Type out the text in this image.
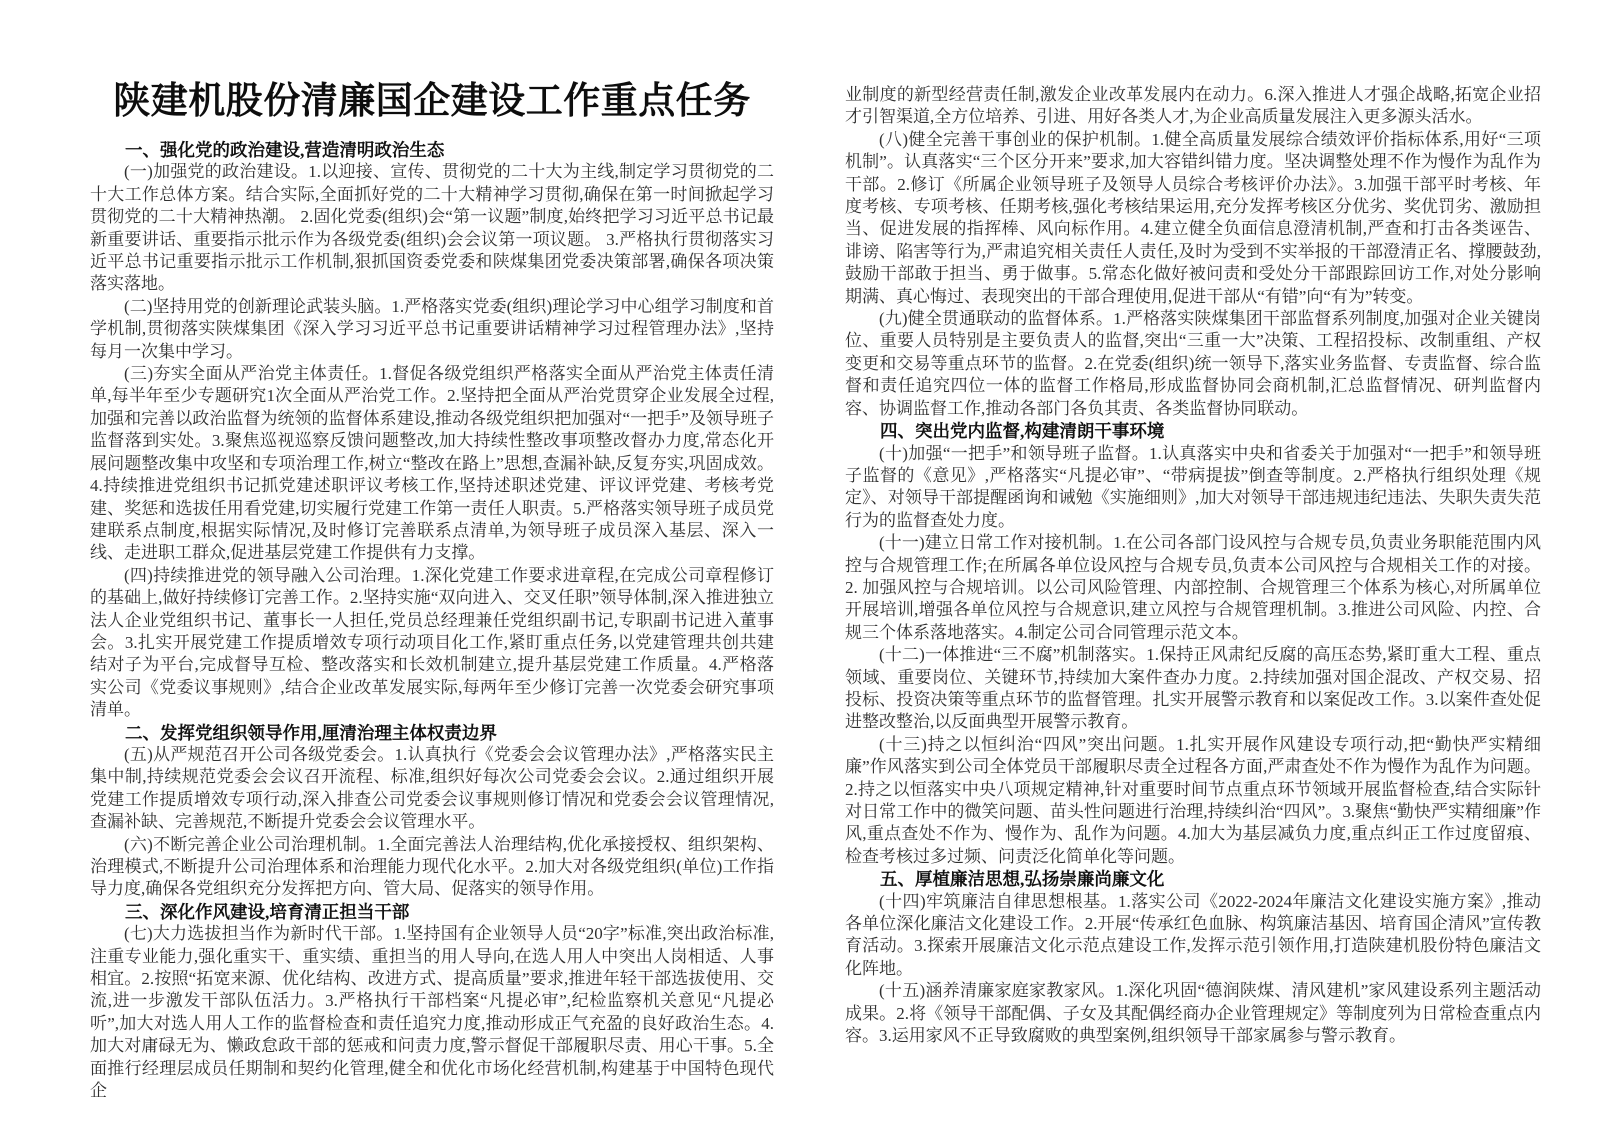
陕建机股份清廉国企建设工作重点任务
一、强化党的政治建设,营造清明政治生态

(一)加强党的政治建设。1.以迎接、宣传、贯彻党的二十大为主线,制定学习贯彻党的二十大工作总体方案。结合实际,全面抓好党的二十大精神学习贯彻,确保在第一时间掀起学习贯彻党的二十大精神热潮。 2.固化党委(组织)会“第一议题”制度,始终把学习习近平总书记最新重要讲话、重要指示批示作为各级党委(组织)会会议第一项议题。 3.严格执行贯彻落实习近平总书记重要指示批示工作机制,狠抓国资委党委和陕煤集团党委决策部署,确保各项决策落实落地。

(二)坚持用党的创新理论武装头脑。1.严格落实党委(组织)理论学习中心组学习制度和首学机制,贯彻落实陕煤集团《深入学习习近平总书记重要讲话精神学习过程管理办法》,坚持每月一次集中学习。

(三)夯实全面从严治党主体责任。1.督促各级党组织严格落实全面从严治党主体责任清单,每半年至少专题研究1次全面从严治党工作。2.坚持把全面从严治党贯穿企业发展全过程,加强和完善以政治监督为统领的监督体系建设,推动各级党组织把加强对“一把手”及领导班子监督落到实处。3.聚焦巡视巡察反馈问题整改,加大持续性整改事项整改督办力度,常态化开展问题整改集中攻坚和专项治理工作,树立“整改在路上”思想,查漏补缺,反复夯实,巩固成效。4.持续推进党组织书记抓党建述职评议考核工作,坚持述职述党建、评议评党建、考核考党建、奖惩和选拔任用看党建,切实履行党建工作第一责任人职责。5.严格落实领导班子成员党建联系点制度,根据实际情况,及时修订完善联系点清单,为领导班子成员深入基层、深入一线、走进职工群众,促进基层党建工作提供有力支撑。

(四)持续推进党的领导融入公司治理。1.深化党建工作要求进章程,在完成公司章程修订的基础上,做好持续修订完善工作。2.坚持实施“双向进入、交叉任职”领导体制,深入推进独立法人企业党组织书记、董事长一人担任,党员总经理兼任党组织副书记,专职副书记进入董事会。3.扎实开展党建工作提质增效专项行动项目化工作,紧盯重点任务,以党建管理共创共建结对子为平台,完成督导互检、整改落实和长效机制建立,提升基层党建工作质量。4.严格落实公司《党委议事规则》,结合企业改革发展实际,每两年至少修订完善一次党委会研究事项清单。

二、发挥党组织领导作用,厘清治理主体权责边界

(五)从严规范召开公司各级党委会。1.认真执行《党委会会议管理办法》,严格落实民主集中制,持续规范党委会会议召开流程、标准,组织好每次公司党委会会议。2.通过组织开展党建工作提质增效专项行动,深入排查公司党委会议事规则修订情况和党委会会议管理情况,查漏补缺、完善规范,不断提升党委会会议管理水平。

(六)不断完善企业公司治理机制。1.全面完善法人治理结构,优化承接授权、组织架构、治理模式,不断提升公司治理体系和治理能力现代化水平。2.加大对各级党组织(单位)工作指导力度,确保各党组织充分发挥把方向、管大局、促落实的领导作用。

三、深化作风建设,培育清正担当干部

(七)大力选拔担当作为新时代干部。1.坚持国有企业领导人员“20字”标准,突出政治标准,注重专业能力,强化重实干、重实绩、重担当的用人导向,在选人用人中突出人岗相适、人事相宜。2.按照“拓宽来源、优化结构、改进方式、提高质量”要求,推进年轻干部选拔使用、交流,进一步激发干部队伍活力。3.严格执行干部档案“凡提必审”,纪检监察机关意见“凡提必听”,加大对选人用人工作的监督检查和责任追究力度,推动形成正气充盈的良好政治生态。4.加大对庸碌无为、懒政怠政干部的惩戒和问责力度,警示督促干部履职尽责、用心干事。5.全面推行经理层成员任期制和契约化管理,健全和优化市场化经营机制,构建基于中国特色现代企

业制度的新型经营责任制,激发企业改革发展内在动力。6.深入推进人才强企战略,拓宽企业招才引智渠道,全方位培养、引进、用好各类人才,为企业高质量发展注入更多源头活水。

(八)健全完善干事创业的保护机制。1.健全高质量发展综合绩效评价指标体系,用好“三项机制”。认真落实“三个区分开来”要求,加大容错纠错力度。坚决调整处理不作为慢作为乱作为干部。2.修订《所属企业领导班子及领导人员综合考核评价办法》。3.加强干部平时考核、年度考核、专项考核、任期考核,强化考核结果运用,充分发挥考核区分优劣、奖优罚劣、激励担当、促进发展的指挥棒、风向标作用。4.建立健全负面信息澄清机制,严查和打击各类诬告、诽谤、陷害等行为,严肃追究相关责任人责任,及时为受到不实举报的干部澄清正名、撑腰鼓劲,鼓励干部敢于担当、勇于做事。5.常态化做好被问责和受处分干部跟踪回访工作,对处分影响期满、真心悔过、表现突出的干部合理使用,促进干部从“有错”向“有为”转变。

(九)健全贯通联动的监督体系。1.严格落实陕煤集团干部监督系列制度,加强对企业关键岗位、重要人员特别是主要负责人的监督,突出“三重一大”决策、工程招投标、改制重组、产权变更和交易等重点环节的监督。2.在党委(组织)统一领导下,落实业务监督、专责监督、综合监督和责任追究四位一体的监督工作格局,形成监督协同会商机制,汇总监督情况、研判监督内容、协调监督工作,推动各部门各负其责、各类监督协同联动。

四、突出党内监督,构建清朗干事环境

(十)加强“一把手”和领导班子监督。1.认真落实中央和省委关于加强对“一把手”和领导班子监督的《意见》,严格落实“凡提必审”、“带病提拔”倒查等制度。2.严格执行组织处理《规定》、对领导干部提醒函询和诫勉《实施细则》,加大对领导干部违规违纪违法、失职失责失范行为的监督查处力度。

(十一)建立日常工作对接机制。1.在公司各部门设风控与合规专员,负责业务职能范围内风控与合规管理工作;在所属各单位设风控与合规专员,负责本公司风控与合规相关工作的对接。2. 加强风控与合规培训。以公司风险管理、内部控制、合规管理三个体系为核心,对所属单位开展培训,增强各单位风控与合规意识,建立风控与合规管理机制。3.推进公司风险、内控、合规三个体系落地落实。4.制定公司合同管理示范文本。

(十二)一体推进“三不腐”机制落实。1.保持正风肃纪反腐的高压态势,紧盯重大工程、重点领域、重要岗位、关键环节,持续加大案件查办力度。2.持续加强对国企混改、产权交易、招投标、投资决策等重点环节的监督管理。扎实开展警示教育和以案促改工作。3.以案件查处促进整改整治,以反面典型开展警示教育。

(十三)持之以恒纠治“四风”突出问题。1.扎实开展作风建设专项行动,把“勤快严实精细廉”作风落实到公司全体党员干部履职尽责全过程各方面,严肃查处不作为慢作为乱作为问题。2.持之以恒落实中央八项规定精神,针对重要时间节点重点环节领域开展监督检查,结合实际针对日常工作中的微笑问题、苗头性问题进行治理,持续纠治“四风”。3.聚焦“勤快严实精细廉”作风,重点查处不作为、慢作为、乱作为问题。4.加大为基层减负力度,重点纠正工作过度留痕、检查考核过多过频、问责泛化简单化等问题。

五、厚植廉洁思想,弘扬崇廉尚廉文化

(十四)牢筑廉洁自律思想根基。1.落实公司《2022-2024年廉洁文化建设实施方案》,推动各单位深化廉洁文化建设工作。2.开展“传承红色血脉、构筑廉洁基因、培育国企清风”宣传教育活动。3.探索开展廉洁文化示范点建设工作,发挥示范引领作用,打造陕建机股份特色廉洁文化阵地。

(十五)涵养清廉家庭家教家风。1.深化巩固“德润陕煤、清风建机”家风建设系列主题活动成果。2.将《领导干部配偶、子女及其配偶经商办企业管理规定》等制度列为日常检查重点内容。3.运用家风不正导致腐败的典型案例,组织领导干部家属参与警示教育。
